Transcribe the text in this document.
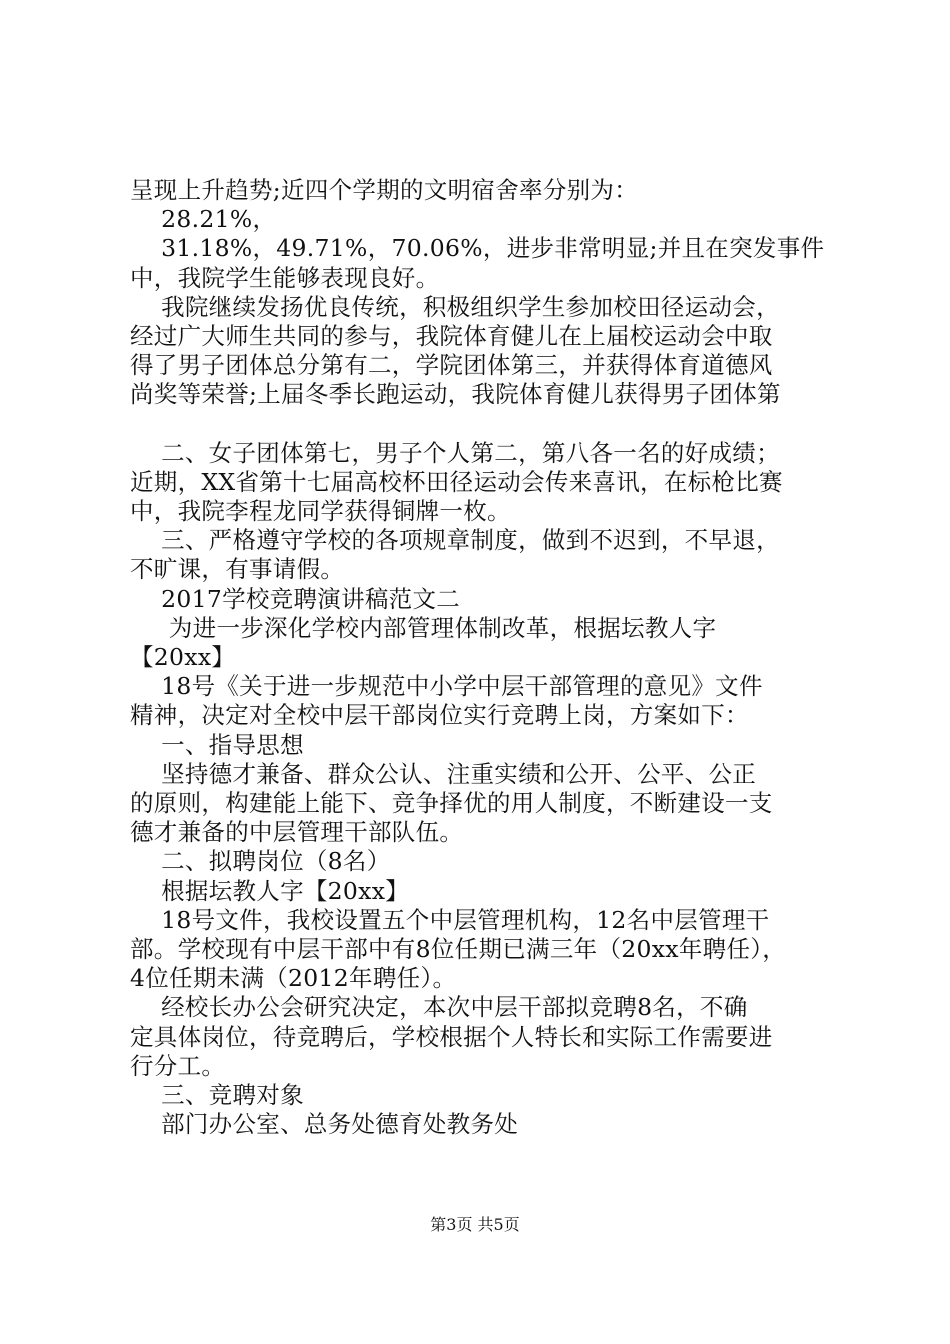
呈现上升趋势;近四个学期的文明宿舍率分别为：
28.21%，
31.18%，49.71%，70.06%，进步非常明显;并且在突发事件
中，我院学生能够表现良好。
我院继续发扬优良传统，积极组织学生参加校田径运动会，
经过广大师生共同的参与，我院体育健儿在上届校运动会中取
得了男子团体总分第有二，学院团体第三，并获得体育道德风
尚奖等荣誉;上届冬季长跑运动，我院体育健儿获得男子团体第
二、女子团体第七，男子个人第二，第八各一名的好成绩；
近期，XX省第十七届高校杯田径运动会传来喜讯，在标枪比赛
中，我院李程龙同学获得铜牌一枚。
三、严格遵守学校的各项规章制度，做到不迟到，不早退，
不旷课，有事请假。
2017学校竞聘演讲稿范文二
为进一步深化学校内部管理体制改革，根据坛教人字
【20xx】
18号《关于进一步规范中小学中层干部管理的意见》文件
精神，决定对全校中层干部岗位实行竞聘上岗，方案如下：
一、指导思想
坚持德才兼备、群众公认、注重实绩和公开、公平、公正
的原则，构建能上能下、竞争择优的用人制度，不断建设一支
德才兼备的中层管理干部队伍。
二、拟聘岗位（8名）
根据坛教人字【20xx】
18号文件，我校设置五个中层管理机构，12名中层管理干
部。学校现有中层干部中有8位任期已满三年（20xx年聘任），
4位任期未满（2012年聘任）。
经校长办公会研究决定，本次中层干部拟竞聘8名，不确
定具体岗位，待竞聘后，学校根据个人特长和实际工作需要进
行分工。
三、竞聘对象
部门办公室、总务处德育处教务处
第3页 共5页
